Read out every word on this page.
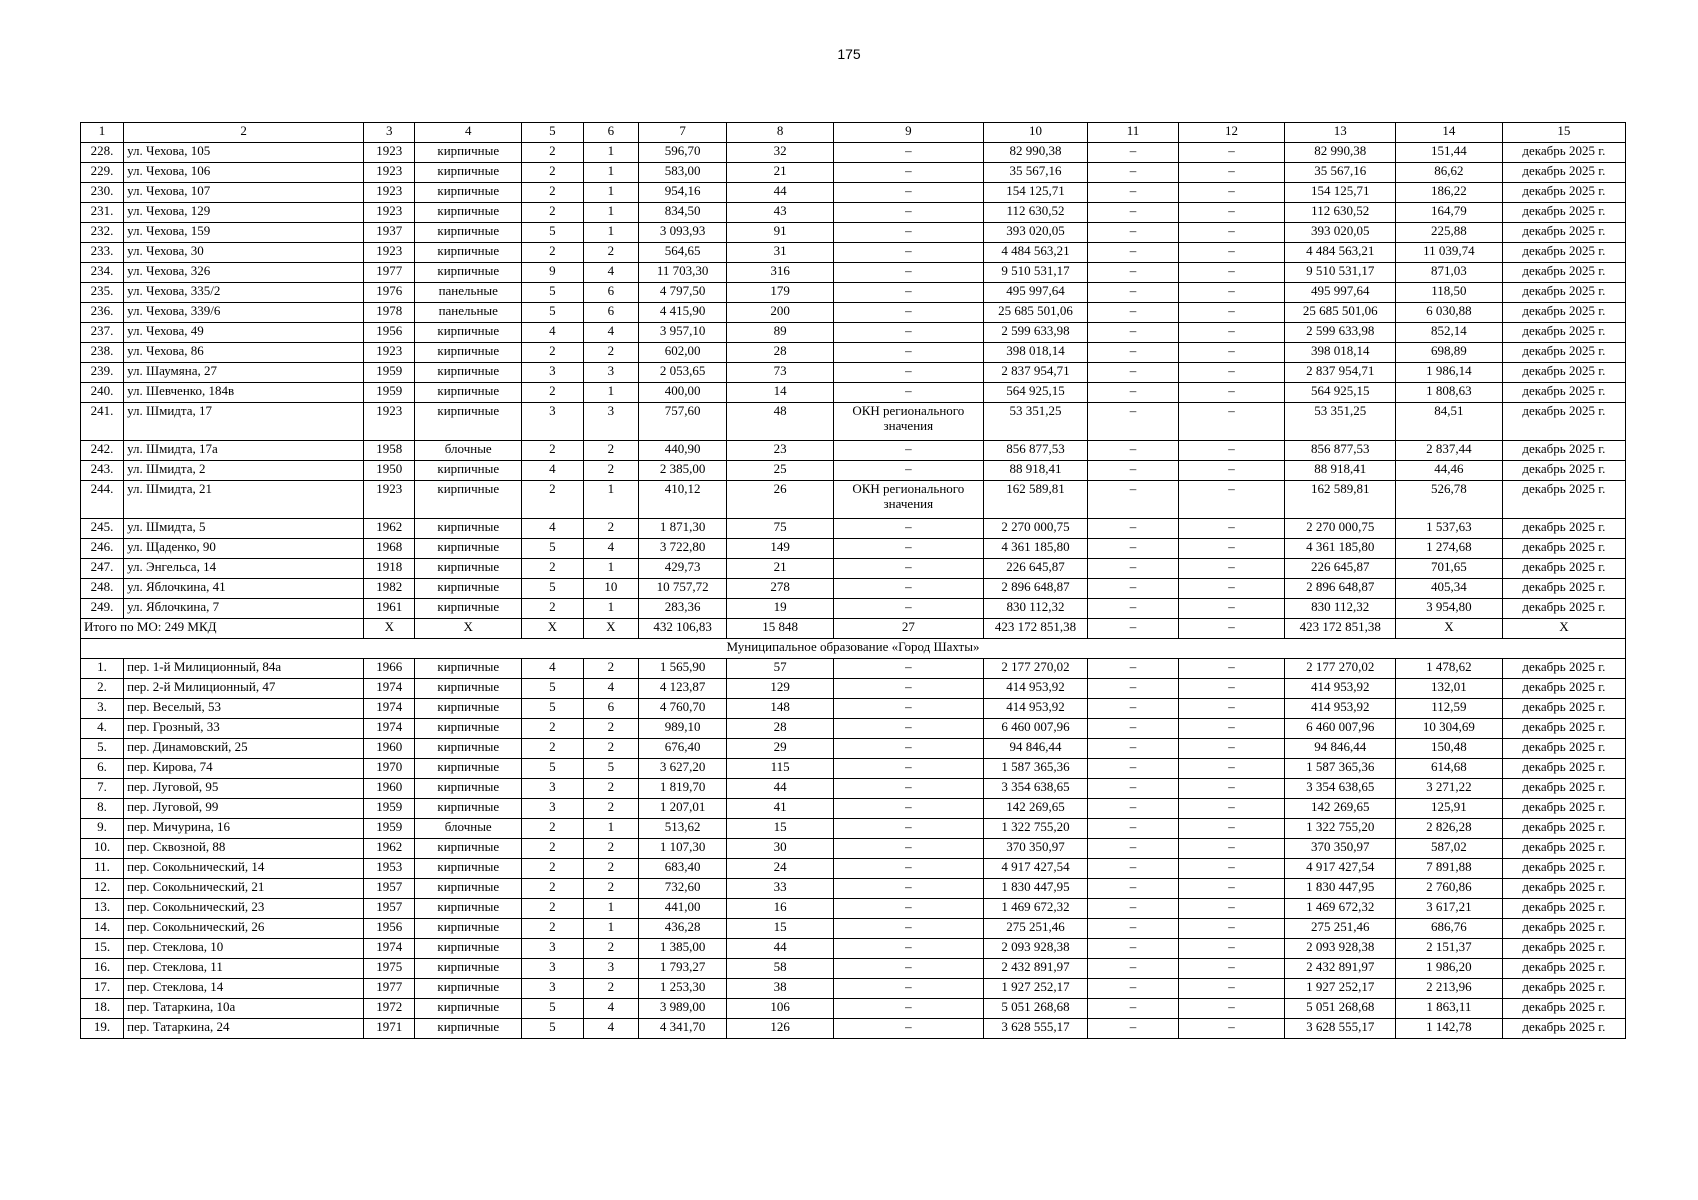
175
1	2	3	4	5	6	7	8	9	10	11	12	13	14	15
228.	ул. Чехова, 105	1923	кирпичные	2	1	596,70	32	–	82 990,38	–	–	82 990,38	151,44	декабрь 2025 г.
229.	ул. Чехова, 106	1923	кирпичные	2	1	583,00	21	–	35 567,16	–	–	35 567,16	86,62	декабрь 2025 г.
230.	ул. Чехова, 107	1923	кирпичные	2	1	954,16	44	–	154 125,71	–	–	154 125,71	186,22	декабрь 2025 г.
231.	ул. Чехова, 129	1923	кирпичные	2	1	834,50	43	–	112 630,52	–	–	112 630,52	164,79	декабрь 2025 г.
232.	ул. Чехова, 159	1937	кирпичные	5	1	3 093,93	91	–	393 020,05	–	–	393 020,05	225,88	декабрь 2025 г.
233.	ул. Чехова, 30	1923	кирпичные	2	2	564,65	31	–	4 484 563,21	–	–	4 484 563,21	11 039,74	декабрь 2025 г.
234.	ул. Чехова, 326	1977	кирпичные	9	4	11 703,30	316	–	9 510 531,17	–	–	9 510 531,17	871,03	декабрь 2025 г.
235.	ул. Чехова, 335/2	1976	панельные	5	6	4 797,50	179	–	495 997,64	–	–	495 997,64	118,50	декабрь 2025 г.
236.	ул. Чехова, 339/6	1978	панельные	5	6	4 415,90	200	–	25 685 501,06	–	–	25 685 501,06	6 030,88	декабрь 2025 г.
237.	ул. Чехова, 49	1956	кирпичные	4	4	3 957,10	89	–	2 599 633,98	–	–	2 599 633,98	852,14	декабрь 2025 г.
238.	ул. Чехова, 86	1923	кирпичные	2	2	602,00	28	–	398 018,14	–	–	398 018,14	698,89	декабрь 2025 г.
239.	ул. Шаумяна, 27	1959	кирпичные	3	3	2 053,65	73	–	2 837 954,71	–	–	2 837 954,71	1 986,14	декабрь 2025 г.
240.	ул. Шевченко, 184в	1959	кирпичные	2	1	400,00	14	–	564 925,15	–	–	564 925,15	1 808,63	декабрь 2025 г.
241.	ул. Шмидта, 17	1923	кирпичные	3	3	757,60	48	ОКН регионального значения	53 351,25	–	–	53 351,25	84,51	декабрь 2025 г.
242.	ул. Шмидта, 17а	1958	блочные	2	2	440,90	23	–	856 877,53	–	–	856 877,53	2 837,44	декабрь 2025 г.
243.	ул. Шмидта, 2	1950	кирпичные	4	2	2 385,00	25	–	88 918,41	–	–	88 918,41	44,46	декабрь 2025 г.
244.	ул. Шмидта, 21	1923	кирпичные	2	1	410,12	26	ОКН регионального значения	162 589,81	–	–	162 589,81	526,78	декабрь 2025 г.
245.	ул. Шмидта, 5	1962	кирпичные	4	2	1 871,30	75	–	2 270 000,75	–	–	2 270 000,75	1 537,63	декабрь 2025 г.
246.	ул. Щаденко, 90	1968	кирпичные	5	4	3 722,80	149	–	4 361 185,80	–	–	4 361 185,80	1 274,68	декабрь 2025 г.
247.	ул. Энгельса, 14	1918	кирпичные	2	1	429,73	21	–	226 645,87	–	–	226 645,87	701,65	декабрь 2025 г.
248.	ул. Яблочкина, 41	1982	кирпичные	5	10	10 757,72	278	–	2 896 648,87	–	–	2 896 648,87	405,34	декабрь 2025 г.
249.	ул. Яблочкина, 7	1961	кирпичные	2	1	283,36	19	–	830 112,32	–	–	830 112,32	3 954,80	декабрь 2025 г.
Итого по МО: 249 МКД		X	X	X	X	432 106,83	15 848	27	423 172 851,38	–	–	423 172 851,38	X	X
Муниципальное образование «Город Шахты»														
1.	пер. 1-й Милиционный, 84а	1966	кирпичные	4	2	1 565,90	57	–	2 177 270,02	–	–	2 177 270,02	1 478,62	декабрь 2025 г.
2.	пер. 2-й Милиционный, 47	1974	кирпичные	5	4	4 123,87	129	–	414 953,92	–	–	414 953,92	132,01	декабрь 2025 г.
3.	пер. Веселый, 53	1974	кирпичные	5	6	4 760,70	148	–	414 953,92	–	–	414 953,92	112,59	декабрь 2025 г.
4.	пер. Грозный, 33	1974	кирпичные	2	2	989,10	28	–	6 460 007,96	–	–	6 460 007,96	10 304,69	декабрь 2025 г.
5.	пер. Динамовский, 25	1960	кирпичные	2	2	676,40	29	–	94 846,44	–	–	94 846,44	150,48	декабрь 2025 г.
6.	пер. Кирова, 74	1970	кирпичные	5	5	3 627,20	115	–	1 587 365,36	–	–	1 587 365,36	614,68	декабрь 2025 г.
7.	пер. Луговой, 95	1960	кирпичные	3	2	1 819,70	44	–	3 354 638,65	–	–	3 354 638,65	3 271,22	декабрь 2025 г.
8.	пер. Луговой, 99	1959	кирпичные	3	2	1 207,01	41	–	142 269,65	–	–	142 269,65	125,91	декабрь 2025 г.
9.	пер. Мичурина, 16	1959	блочные	2	1	513,62	15	–	1 322 755,20	–	–	1 322 755,20	2 826,28	декабрь 2025 г.
10.	пер. Сквозной, 88	1962	кирпичные	2	2	1 107,30	30	–	370 350,97	–	–	370 350,97	587,02	декабрь 2025 г.
11.	пер. Сокольнический, 14	1953	кирпичные	2	2	683,40	24	–	4 917 427,54	–	–	4 917 427,54	7 891,88	декабрь 2025 г.
12.	пер. Сокольнический, 21	1957	кирпичные	2	2	732,60	33	–	1 830 447,95	–	–	1 830 447,95	2 760,86	декабрь 2025 г.
13.	пер. Сокольнический, 23	1957	кирпичные	2	1	441,00	16	–	1 469 672,32	–	–	1 469 672,32	3 617,21	декабрь 2025 г.
14.	пер. Сокольнический, 26	1956	кирпичные	2	1	436,28	15	–	275 251,46	–	–	275 251,46	686,76	декабрь 2025 г.
15.	пер. Стеклова, 10	1974	кирпичные	3	2	1 385,00	44	–	2 093 928,38	–	–	2 093 928,38	2 151,37	декабрь 2025 г.
16.	пер. Стеклова, 11	1975	кирпичные	3	3	1 793,27	58	–	2 432 891,97	–	–	2 432 891,97	1 986,20	декабрь 2025 г.
17.	пер. Стеклова, 14	1977	кирпичные	3	2	1 253,30	38	–	1 927 252,17	–	–	1 927 252,17	2 213,96	декабрь 2025 г.
18.	пер. Татаркина, 10а	1972	кирпичные	5	4	3 989,00	106	–	5 051 268,68	–	–	5 051 268,68	1 863,11	декабрь 2025 г.
19.	пер. Татаркина, 24	1971	кирпичные	5	4	4 341,70	126	–	3 628 555,17	–	–	3 628 555,17	1 142,78	декабрь 2025 г.
